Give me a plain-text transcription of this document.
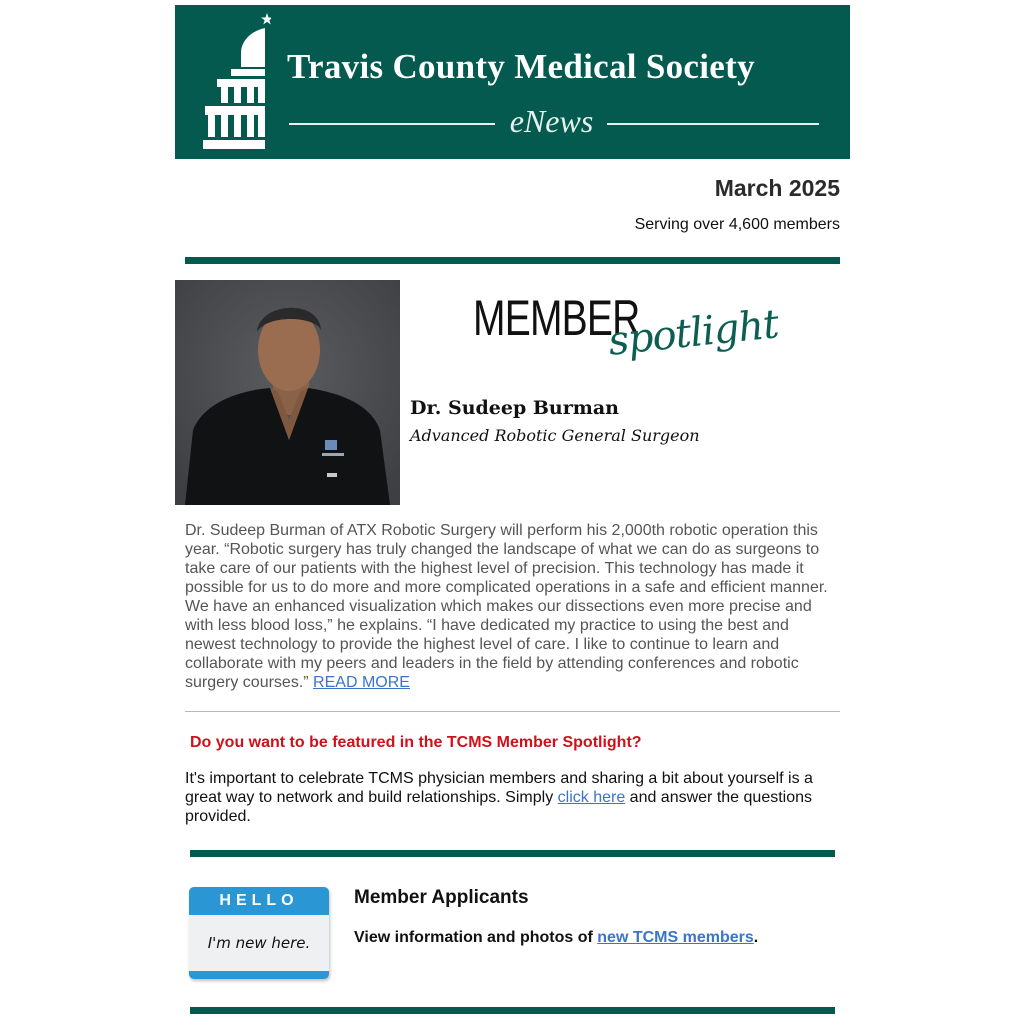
Travis County Medical Society
eNews
March 2025
Serving over 4,600 members
MEMBER
spotlight
Dr. Sudeep Burman
Advanced Robotic General Surgeon
Dr. Sudeep Burman of ATX Robotic Surgery will perform his 2,000th robotic operation this year. “Robotic surgery has truly changed the landscape of what we can do as surgeons to take care of our patients with the highest level of precision. This technology has made it possible for us to do more and more complicated operations in a safe and efficient manner. We have an enhanced visualization which makes our dissections even more precise and with less blood loss,” he explains. “I have dedicated my practice to using the best and newest technology to provide the highest level of care. I like to continue to learn and collaborate with my peers and leaders in the field by attending conferences and robotic surgery courses.” READ MORE
Do you want to be featured in the TCMS Member Spotlight?
It's important to celebrate TCMS physician members and sharing a bit about yourself is a great way to network and build relationships. Simply click here and answer the questions provided.
HELLO
I'm new here.
Member Applicants
View information and photos of new TCMS members.
